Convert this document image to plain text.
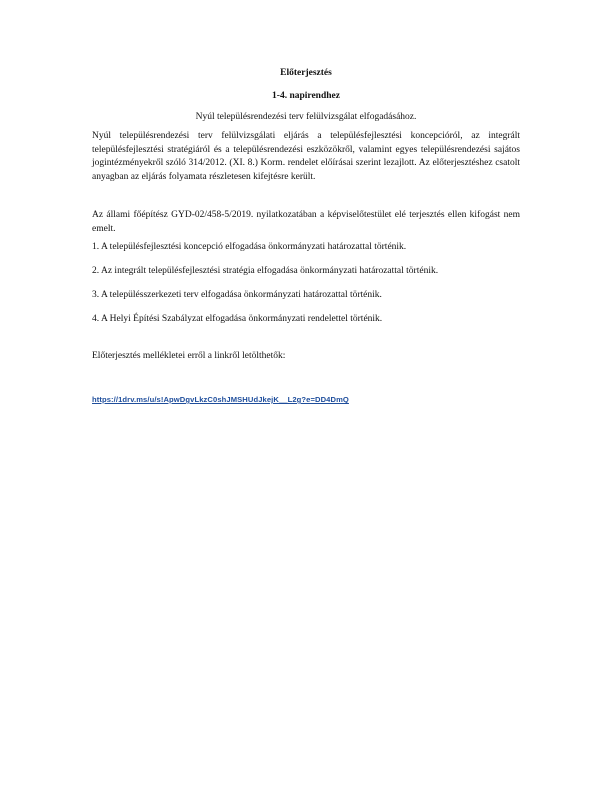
Előterjesztés
1-4. napirendhez
Nyúl településrendezési terv felülvizsgálat elfogadásához.

Nyúl településrendezési terv felülvizsgálati eljárás a településfejlesztési koncepcióról, az integrált településfejlesztési stratégiáról és a településrendezési eszközökről, valamint egyes településrendezési sajátos jogintézményekről szóló 314/2012. (XI. 8.) Korm. rendelet előírásai szerint lezajlott. Az előterjesztéshez csatolt anyagban az eljárás folyamata részletesen kifejtésre került.

Az állami főépítész GYD-02/458-5/2019. nyilatkozatában a képviselőtestület elé terjesztés ellen kifogást nem emelt.

1. A településfejlesztési koncepció elfogadása önkormányzati határozattal történik.
2. Az integrált településfejlesztési stratégia elfogadása önkormányzati határozattal történik.
3. A településszerkezeti terv elfogadása önkormányzati határozattal történik.
4. A Helyi Építési Szabályzat elfogadása önkormányzati rendelettel történik.
Előterjesztés mellékletei erről a linkről letölthetők:
https://1drv.ms/u/s!ApwDgvLkzC0shJMSHUdJkejK__L2g?e=DD4DmQ
